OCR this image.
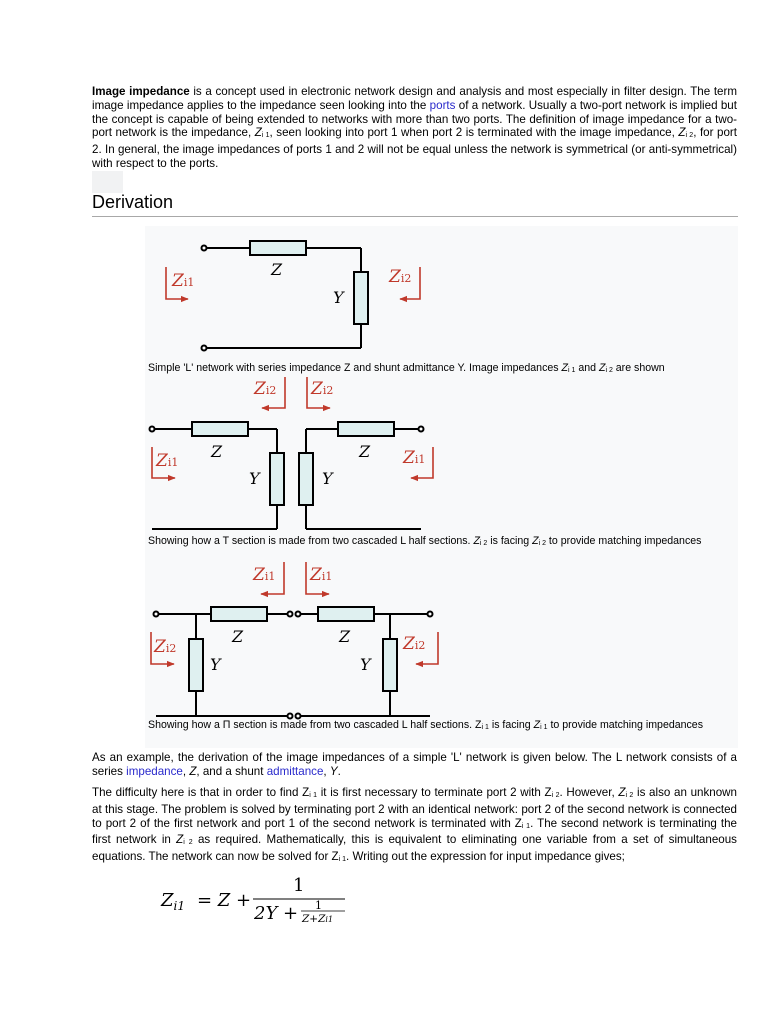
Image impedance is a concept used in electronic network design and analysis and most especially in filter design. The term image impedance applies to the impedance seen looking into the ports of a network. Usually a two-port network is implied but the concept is capable of being extended to networks with more than two ports. The definition of image impedance for a two-port network is the impedance, Zi 1, seen looking into port 1 when port 2 is terminated with the image impedance, Zi 2, for port 2. In general, the image impedances of ports 1 and 2 will not be equal unless the network is symmetrical (or anti-symmetrical) with respect to the ports.

Derivation
Z
Y
Zi1	Zi2
Z	Z
Y	Y
Zi1	Zi1
Zi2 Zi2
Z	Z
Y	Y
Zi2	Zi2
Zi1 Zi1

Simple 'L' network with series impedance Z and shunt admittance Y. Image impedances Zi 1 and Zi 2 are shown

Showing how a T section is made from two cascaded L half sections. Zi 2 is facing Zi 2 to provide matching impedances

Showing how a Π section is made from two cascaded L half sections. Zi 1 is facing Zi 1 to provide matching impedances

As an example, the derivation of the image impedances of a simple 'L' network is given below. The L network consists of a series impedance, Z, and a shunt admittance, Y.

The difficulty here is that in order to find Zi 1 it is first necessary to terminate port 2 with Zi 2. However, Zi 2 is also an unknown at this stage. The problem is solved by terminating port 2 with an identical network: port 2 of the second network is connected to port 2 of the first network and port 1 of the second network is terminated with Zi 1. The second network is terminating the first network in Zi 2 as required. Mathematically, this is equivalent to eliminating one variable from a set of simultaneous equations. The network can now be solved for Zi 1. Writing out the expression for input impedance gives;

$Z_{i1} = Z$ +
1
2Y + 1
Z+Zi1
